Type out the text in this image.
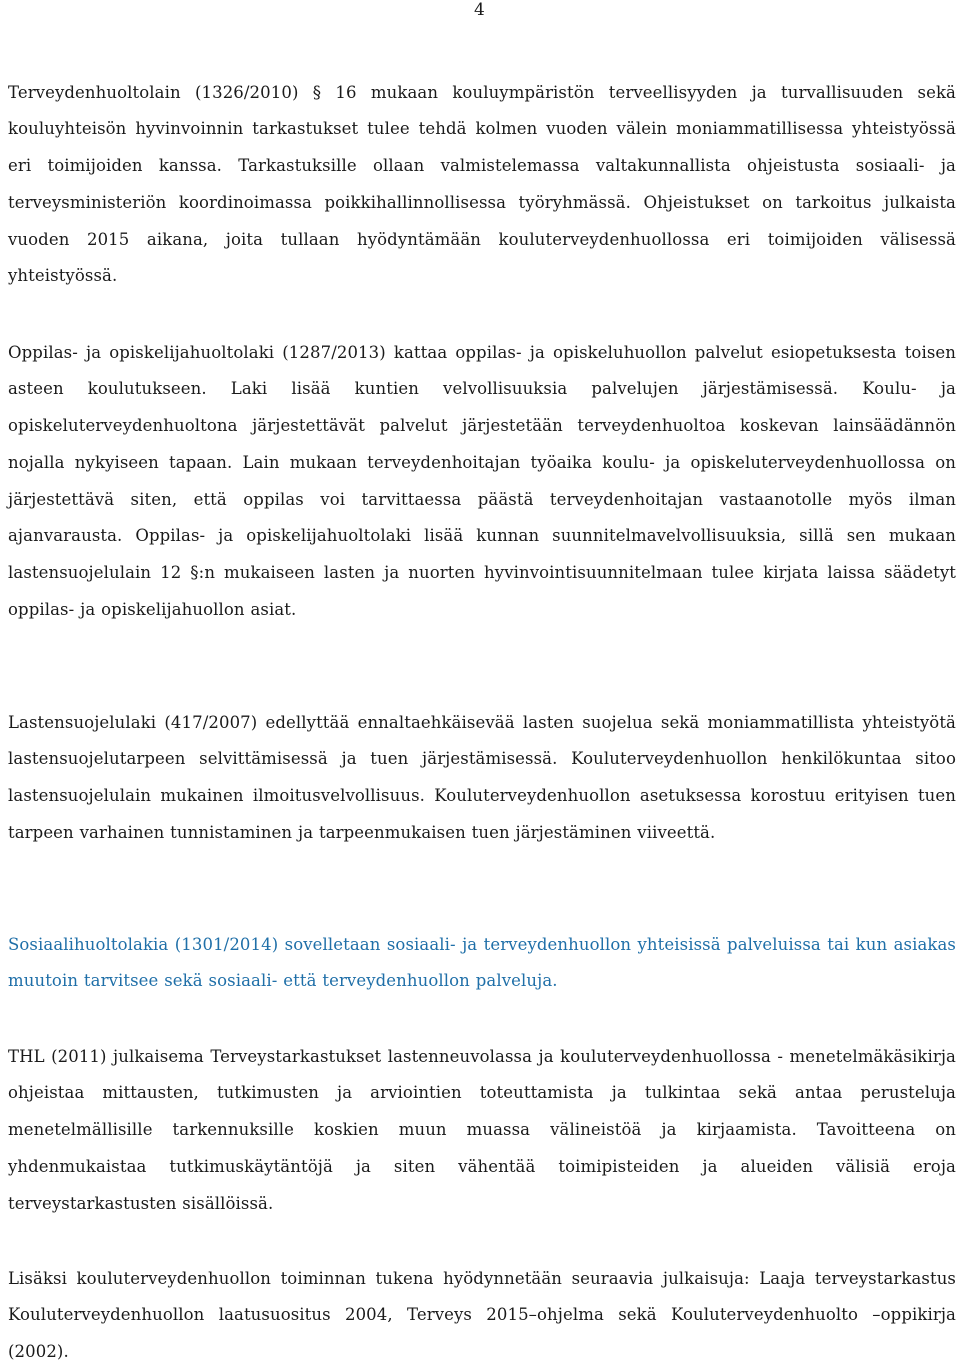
4

Terveydenhuoltolain (1326/2010) § 16 mukaan kouluympäristön terveellisyyden ja turvallisuuden sekä kouluyhteisön hyvinvoinnin tarkastukset tulee tehdä kolmen vuoden välein moniammatillisessa yhteistyössä eri toimijoiden kanssa. Tarkastuksille ollaan valmistelemassa valtakunnallista ohjeistusta sosiaali- ja terveysministeriön koordinoimassa poikkihallinnollisessa työryhmässä. Ohjeistukset on tarkoitus julkaista vuoden 2015 aikana, joita tullaan hyödyntämään kouluterveydenhuollossa eri toimijoiden välisessä yhteistyössä.

Oppilas- ja opiskelijahuoltolaki (1287/2013) kattaa oppilas- ja opiskeluhuollon palvelut esiopetuksesta toisen asteen koulutukseen. Laki lisää kuntien velvollisuuksia palvelujen järjestämisessä. Koulu- ja opiskeluterveydenhuoltona järjestettävät palvelut järjestetään terveydenhuoltoa koskevan lainsäädännön nojalla nykyiseen tapaan. Lain mukaan terveydenhoitajan työaika koulu- ja opiskeluterveydenhuollossa on järjestettävä siten, että oppilas voi tarvittaessa päästä terveydenhoitajan vastaanotolle myös ilman ajanvarausta. Oppilas- ja opiskelijahuoltolaki lisää kunnan suunnitelmavelvollisuuksia, sillä sen mukaan lastensuojelulain 12 §:n mukaiseen lasten ja nuorten hyvinvointisuunnitelmaan tulee kirjata laissa säädetyt oppilas- ja opiskelijahuollon asiat.

Lastensuojelulaki (417/2007) edellyttää ennaltaehkäisevää lasten suojelua sekä moniammatillista yhteistyötä lastensuojelutarpeen selvittämisessä ja tuen järjestämisessä. Kouluterveydenhuollon henkilökuntaa sitoo lastensuojelulain mukainen ilmoitusvelvollisuus. Kouluterveydenhuollon asetuksessa korostuu erityisen tuen tarpeen varhainen tunnistaminen ja tarpeenmukaisen tuen järjestäminen viiveettä.

Sosiaalihuoltolakia (1301/2014) sovelletaan sosiaali- ja terveydenhuollon yhteisissä palveluissa tai kun asiakas muutoin tarvitsee sekä sosiaali- että terveydenhuollon palveluja.

THL (2011) julkaisema Terveystarkastukset lastenneuvolassa ja kouluterveydenhuollossa - menetelmäkäsikirja ohjeistaa mittausten, tutkimusten ja arviointien toteuttamista ja tulkintaa sekä antaa perusteluja menetelmällisille tarkennuksille koskien muun muassa välineistöä ja kirjaamista. Tavoitteena on yhdenmukaistaa tutkimuskäytäntöjä ja siten vähentää toimipisteiden ja alueiden välisiä eroja terveystarkastusten sisällöissä.

Lisäksi kouluterveydenhuollon toiminnan tukena hyödynnetään seuraavia julkaisuja: Laaja terveystarkastus Kouluterveydenhuollon laatusuositus 2004, Terveys 2015–ohjelma sekä Kouluterveydenhuolto –oppikirja (2002).
